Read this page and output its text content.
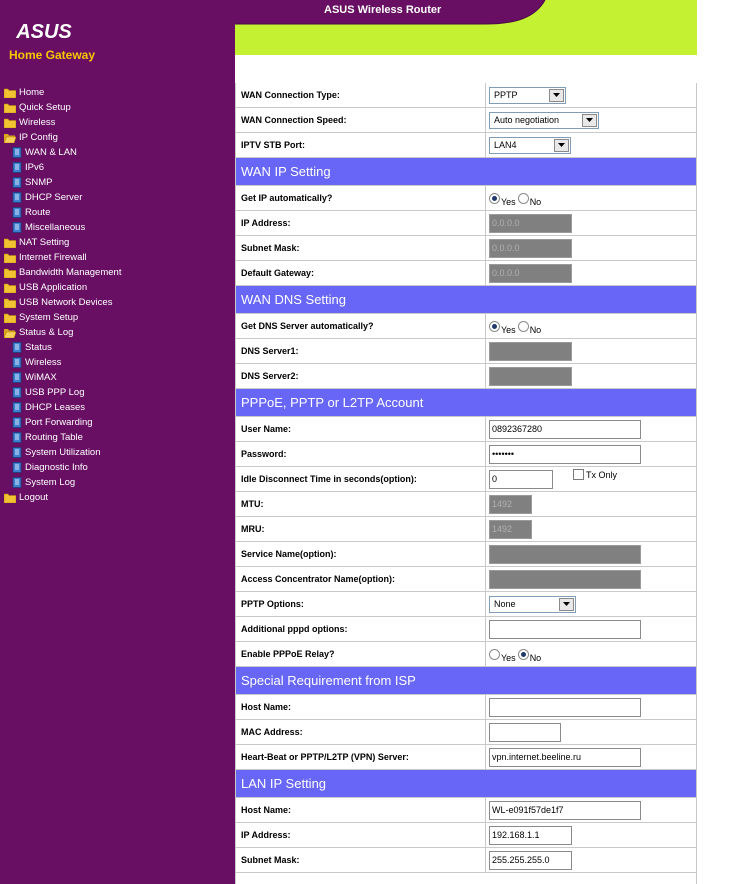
ASUS
Home Gateway
Home
Quick Setup
Wireless
IP Config
WAN & LAN
IPv6
SNMP
DHCP Server
Route
Miscellaneous
NAT Setting
Internet Firewall
Bandwidth Management
USB Application
USB Network Devices
System Setup
Status & Log
Status
Wireless
WiMAX
USB PPP Log
DHCP Leases
Port Forwarding
Routing Table
System Utilization
Diagnostic Info
System Log
Logout
ASUS Wireless Router
WAN Connection Type:	PPTP
WAN Connection Speed:	Auto negotiation
IPTV STB Port:	LAN4
WAN IP Setting
Get IP automatically?	Yes No
IP Address:	0.0.0.0
Subnet Mask:	0.0.0.0
Default Gateway:	0.0.0.0
WAN DNS Setting
Get DNS Server automatically?	Yes No
DNS Server1:
DNS Server2:
PPPoE, PPTP or L2TP Account
User Name:	0892367280
Password:	•••••••
Idle Disconnect Time in seconds(option):	0	Tx Only
MTU:	1492
MRU:	1492
Service Name(option):
Access Concentrator Name(option):
PPTP Options:	None
Additional pppd options:
Enable PPPoE Relay?	Yes No
Special Requirement from ISP
Host Name:
MAC Address:
Heart-Beat or PPTP/L2TP (VPN) Server:	vpn.internet.beeline.ru
LAN IP Setting
Host Name:	WL-e091f57de1f7
IP Address:	192.168.1.1
Subnet Mask:	255.255.255.0
